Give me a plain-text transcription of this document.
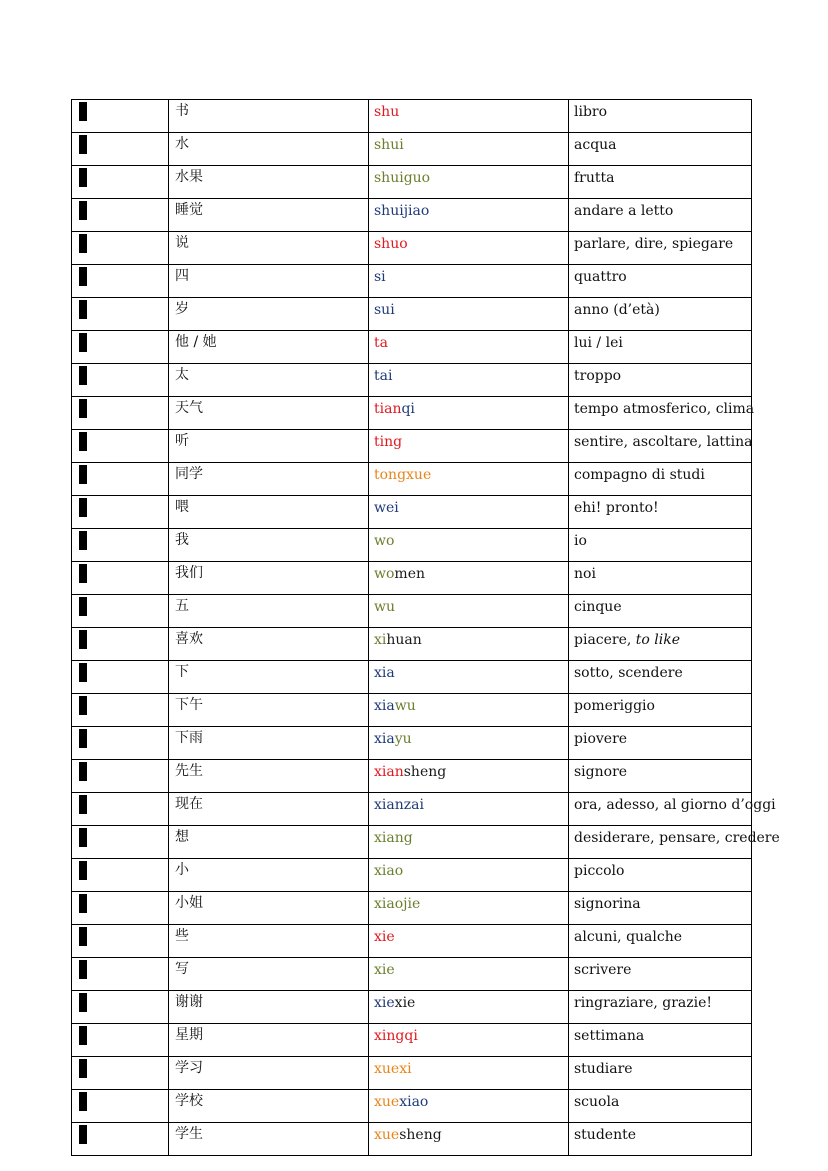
	书	shu	libro

	水	shui	acqua

	水果	shuiguo	frutta

	睡觉	shuijiao	andare a letto

	说	shuo	parlare, dire, spiegare

	四	si	quattro

	岁	sui	anno (d’età)

	他 / 她	ta	lui / lei

	太	tai	troppo

	天气	tianqi	tempo atmosferico, clima

	听	ting	sentire, ascoltare, lattina

	同学	tongxue	compagno di studi

	喂	wei	ehi! pronto!

	我	wo	io

	我们	women	noi

	五	wu	cinque

	喜欢	xihuan	piacere, to like

	下	xia	sotto, scendere

	下午	xiawu	pomeriggio

	下雨	xiayu	piovere

	先生	xiansheng	signore

	现在	xianzai	ora, adesso, al giorno d’oggi

	想	xiang	desiderare, pensare, credere

	小	xiao	piccolo

	小姐	xiaojie	signorina

	些	xie	alcuni, qualche

	写	xie	scrivere

	谢谢	xiexie	ringraziare, grazie!

	星期	xingqi	settimana

	学习	xuexi	studiare

	学校	xuexiao	scuola

	学生	xuesheng	studente
